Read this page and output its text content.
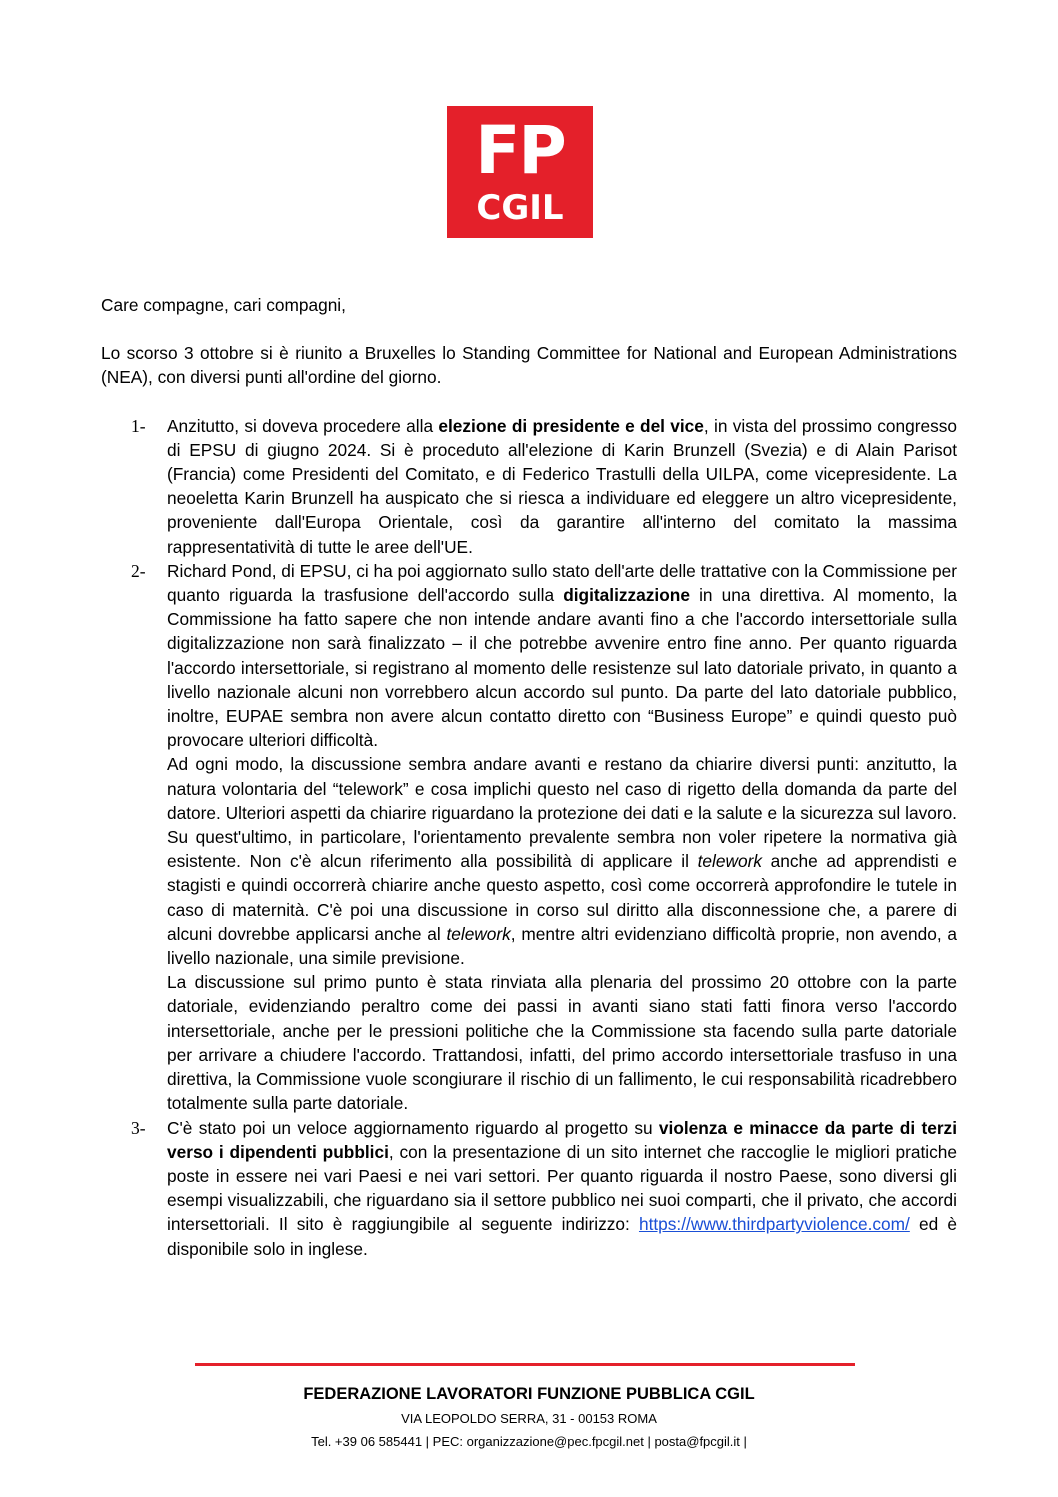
FP
CGIL

Care compagne, cari compagni,

Lo scorso 3 ottobre si è riunito a Bruxelles lo Standing Committee for National and European Administrations (NEA), con diversi punti all'ordine del giorno.

1- Anzitutto, si doveva procedere alla elezione di presidente e del vice, in vista del prossimo congresso di EPSU di giugno 2024. Si è proceduto all'elezione di Karin Brunzell (Svezia) e di Alain Parisot (Francia) come Presidenti del Comitato, e di Federico Trastulli della UILPA, come vicepresidente. La neoeletta Karin Brunzell ha auspicato che si riesca a individuare ed eleggere un altro vicepresidente, proveniente dall'Europa Orientale, così da garantire all'interno del comitato la massima rappresentatività di tutte le aree dell'UE.

2- Richard Pond, di EPSU, ci ha poi aggiornato sullo stato dell'arte delle trattative con la Commissione per quanto riguarda la trasfusione dell'accordo sulla digitalizzazione in una direttiva. Al momento, la Commissione ha fatto sapere che non intende andare avanti fino a che l'accordo intersettoriale sulla digitalizzazione non sarà finalizzato – il che potrebbe avvenire entro fine anno. Per quanto riguarda l'accordo intersettoriale, si registrano al momento delle resistenze sul lato datoriale privato, in quanto a livello nazionale alcuni non vorrebbero alcun accordo sul punto. Da parte del lato datoriale pubblico, inoltre, EUPAE sembra non avere alcun contatto diretto con “Business Europe” e quindi questo può provocare ulteriori difficoltà.

Ad ogni modo, la discussione sembra andare avanti e restano da chiarire diversi punti: anzitutto, la natura volontaria del “telework” e cosa implichi questo nel caso di rigetto della domanda da parte del datore. Ulteriori aspetti da chiarire riguardano la protezione dei dati e la salute e la sicurezza sul lavoro. Su quest'ultimo, in particolare, l'orientamento prevalente sembra non voler ripetere la normativa già esistente. Non c'è alcun riferimento alla possibilità di applicare il telework anche ad apprendisti e stagisti e quindi occorrerà chiarire anche questo aspetto, così come occorrerà approfondire le tutele in caso di maternità. C'è poi una discussione in corso sul diritto alla disconnessione che, a parere di alcuni dovrebbe applicarsi anche al telework, mentre altri evidenziano difficoltà proprie, non avendo, a livello nazionale, una simile previsione.

La discussione sul primo punto è stata rinviata alla plenaria del prossimo 20 ottobre con la parte datoriale, evidenziando peraltro come dei passi in avanti siano stati fatti finora verso l'accordo intersettoriale, anche per le pressioni politiche che la Commissione sta facendo sulla parte datoriale per arrivare a chiudere l'accordo. Trattandosi, infatti, del primo accordo intersettoriale trasfuso in una direttiva, la Commissione vuole scongiurare il rischio di un fallimento, le cui responsabilità ricadrebbero totalmente sulla parte datoriale.

3- C'è stato poi un veloce aggiornamento riguardo al progetto su violenza e minacce da parte di terzi verso i dipendenti pubblici, con la presentazione di un sito internet che raccoglie le migliori pratiche poste in essere nei vari Paesi e nei vari settori. Per quanto riguarda il nostro Paese, sono diversi gli esempi visualizzabili, che riguardano sia il settore pubblico nei suoi comparti, che il privato, che accordi intersettoriali. Il sito è raggiungibile al seguente indirizzo: https://www.thirdpartyviolence.com/ ed è disponibile solo in inglese.

FEDERAZIONE LAVORATORI FUNZIONE PUBBLICA CGIL
VIA LEOPOLDO SERRA, 31 - 00153 ROMA
Tel. +39 06 585441 | PEC: organizzazione@pec.fpcgil.net | posta@fpcgil.it |
